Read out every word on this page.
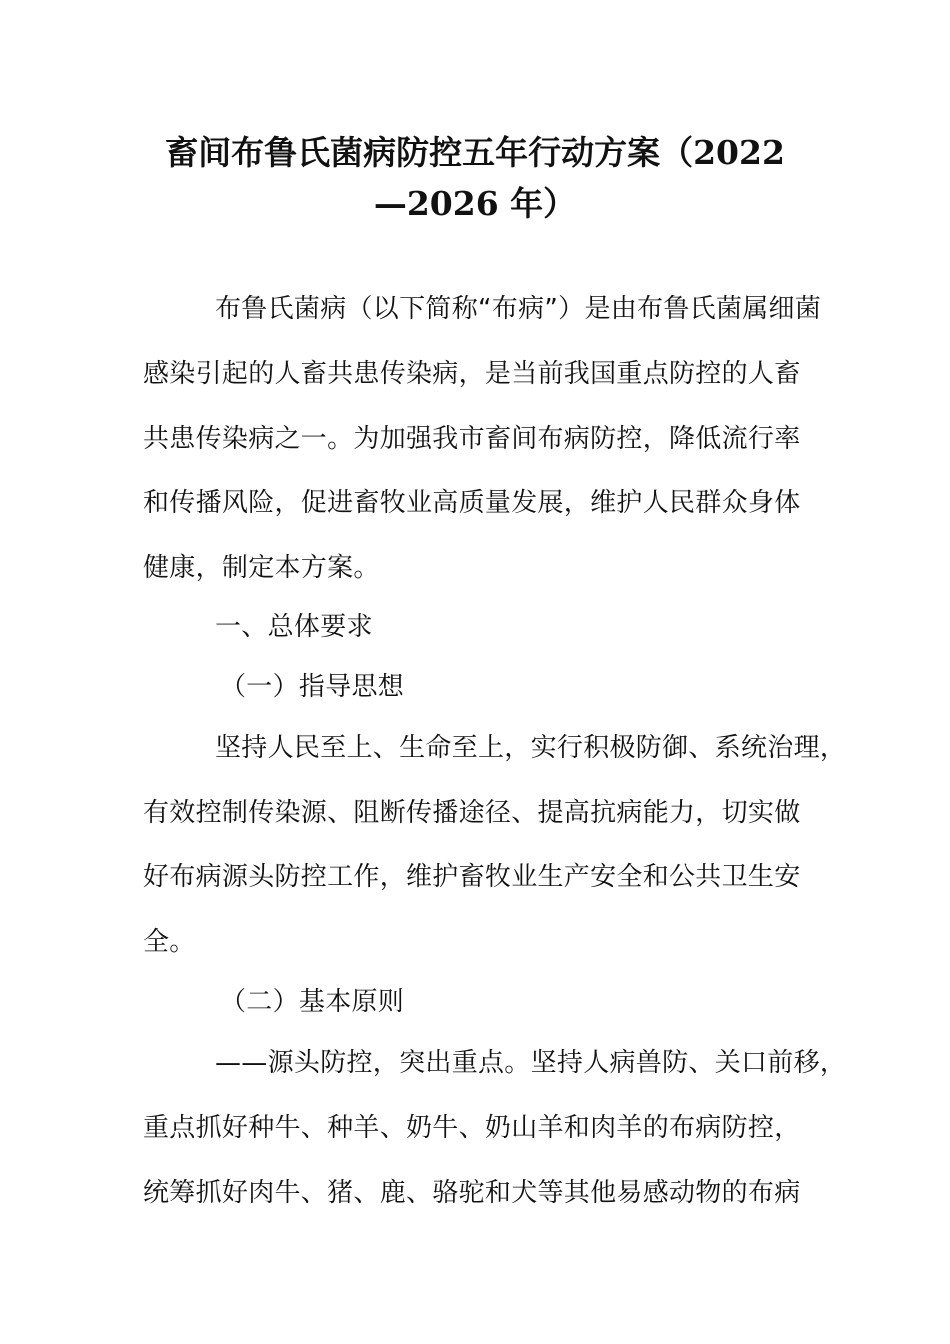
畜间布鲁氏菌病防控五年行动方案（2022
—2026 年）
布鲁氏菌病（以下简称“布病”）是由布鲁氏菌属细菌
感染引起的人畜共患传染病，是当前我国重点防控的人畜
共患传染病之一。为加强我市畜间布病防控，降低流行率
和传播风险，促进畜牧业高质量发展，维护人民群众身体
健康，制定本方案。
一、总体要求
（一）指导思想
坚持人民至上、生命至上，实行积极防御、系统治理，
有效控制传染源、阻断传播途径、提高抗病能力，切实做
好布病源头防控工作，维护畜牧业生产安全和公共卫生安
全。
（二）基本原则
——源头防控，突出重点。坚持人病兽防、关口前移，
重点抓好种牛、种羊、奶牛、奶山羊和肉羊的布病防控，
统筹抓好肉牛、猪、鹿、骆驼和犬等其他易感动物的布病
